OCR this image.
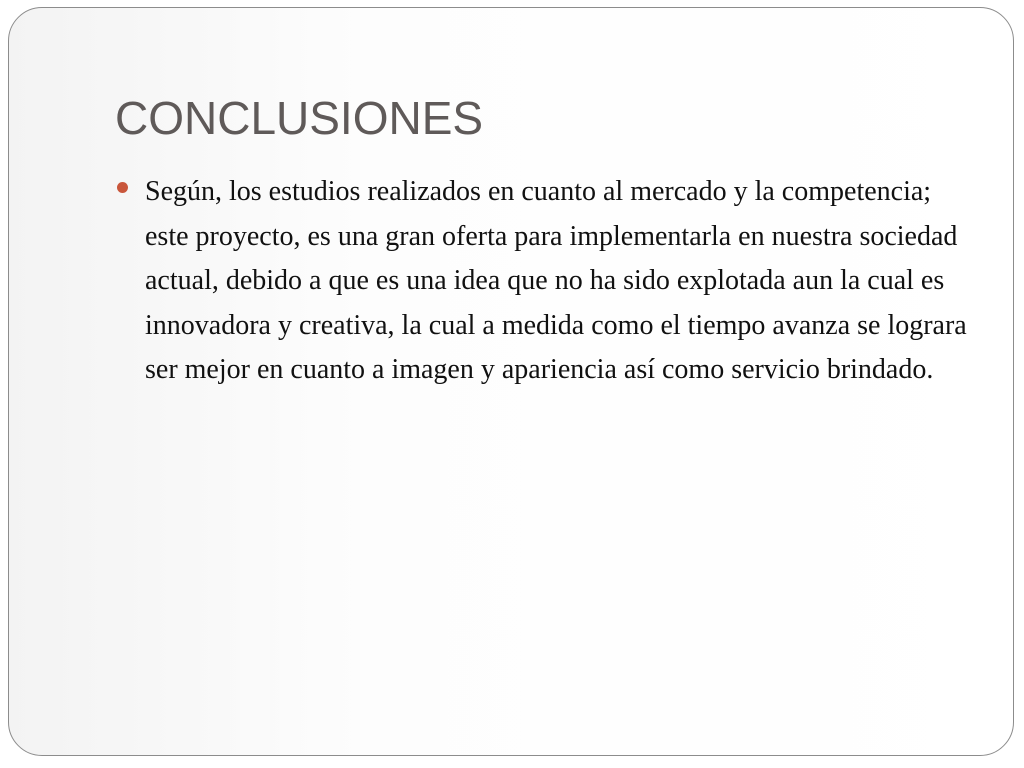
CONCLUSIONES

Según, los estudios realizados en cuanto al mercado y la competencia; este proyecto, es una gran oferta para implementarla en nuestra sociedad actual, debido a que es una idea que no ha sido explotada aun la cual es innovadora y creativa, la cual a medida como el tiempo avanza se lograra ser mejor en cuanto a imagen y apariencia así como servicio brindado.
